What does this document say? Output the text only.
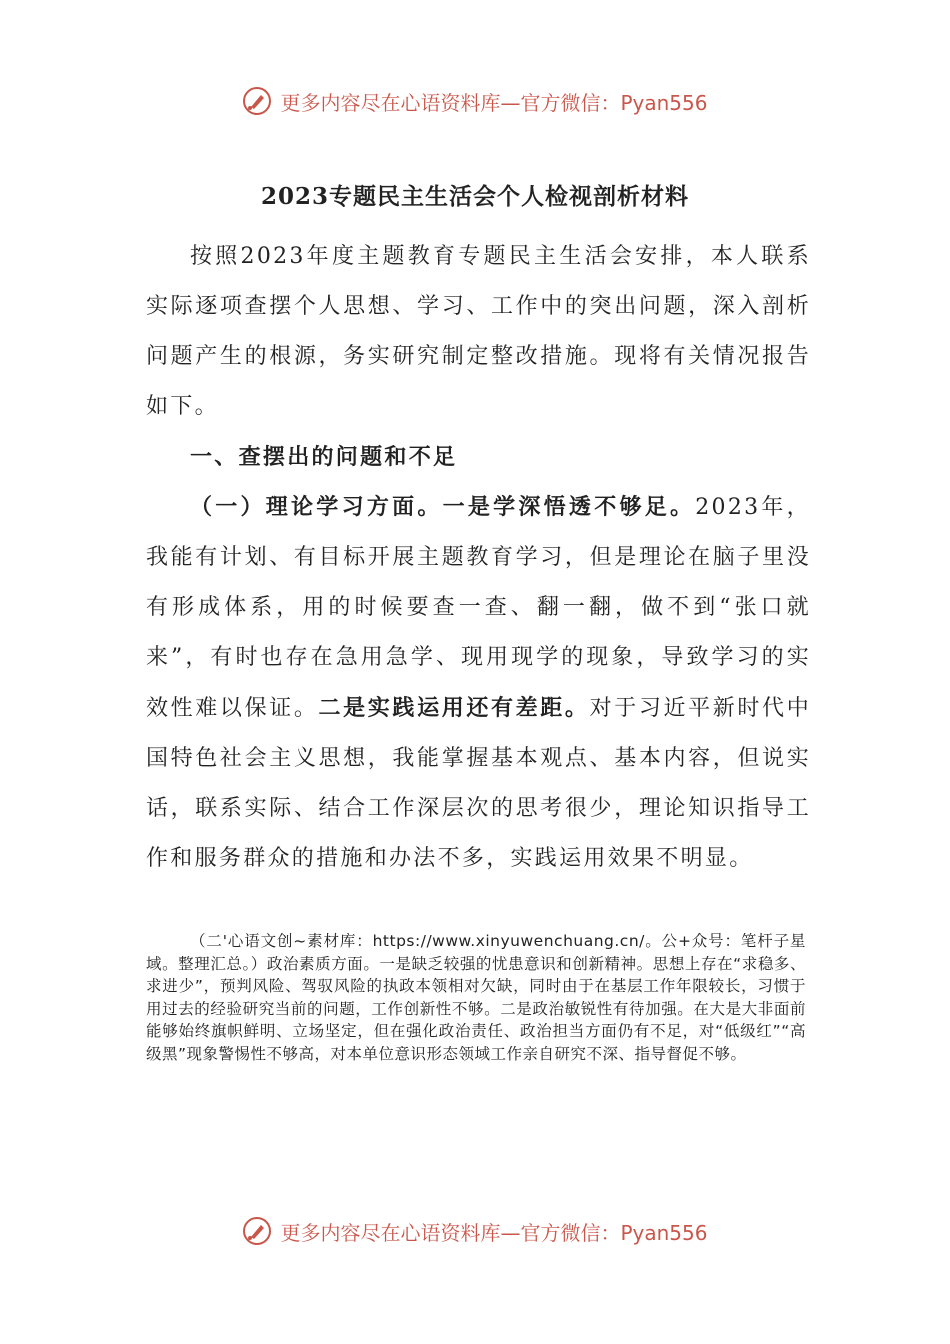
更多内容尽在心语资料库—官方微信：Pyan556
2023专题民主生活会个人检视剖析材料

按照2023年度主题教育专题民主生活会安排，本人联系实际逐项查摆个人思想、学习、工作中的突出问题，深入剖析问题产生的根源，务实研究制定整改措施。现将有关情况报告如下。

一、查摆出的问题和不足

（一）理论学习方面。一是学深悟透不够足。2023年，我能有计划、有目标开展主题教育学习，但是理论在脑子里没有形成体系，用的时候要查一查、翻一翻，做不到“张口就来”，有时也存在急用急学、现用现学的现象，导致学习的实效性难以保证。二是实践运用还有差距。对于习近平新时代中国特色社会主义思想，我能掌握基本观点、基本内容，但说实话，联系实际、结合工作深层次的思考很少，理论知识指导工作和服务群众的措施和办法不多，实践运用效果不明显。

（二'心语文创~素材库：https://www.xinyuwenchuang.cn/。公+众号：笔杆子星域。整理汇总。）政治素质方面。一是缺乏较强的忧患意识和创新精神。思想上存在“求稳多、求进少”，预判风险、驾驭风险的执政本领相对欠缺，同时由于在基层工作年限较长，习惯于用过去的经验研究当前的问题，工作创新性不够。二是政治敏锐性有待加强。在大是大非面前能够始终旗帜鲜明、立场坚定，但在强化政治责任、政治担当方面仍有不足，对“低级红”“高级黑”现象警惕性不够高，对本单位意识形态领域工作亲自研究不深、指导督促不够。
更多内容尽在心语资料库—官方微信：Pyan556
